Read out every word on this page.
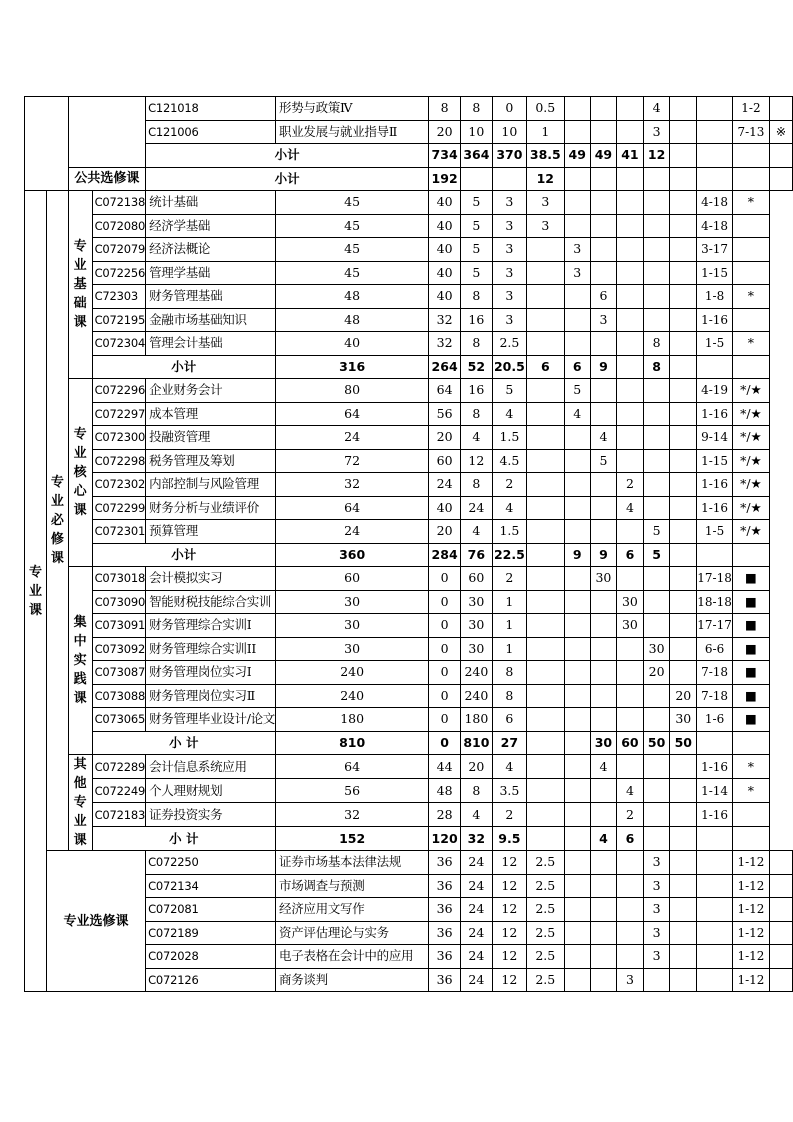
				C121018	形势与政策Ⅳ	8	8	0	0.5				4			1-2	
				C121006	职业发展与就业指导Ⅱ	20	10	10	1				3			7-13	※
				小计		734	364	370	38.5	49	49	41	12				
		公共选修课		小计		192			12								
专业课	专业必修课	专业基础课	C072138	统计基础	45	40	5	3	3						4-18	*	
			C072080	经济学基础	45	40	5	3	3						4-18		
			C072079	经济法概论	45	40	5	3		3					3-17		
			C072256	管理学基础	45	40	5	3		3					1-15		
			C72303	财务管理基础	48	40	8	3			6				1-8	*	
			C072195	金融市场基础知识	48	32	16	3			3				1-16		
			C072304	管理会计基础	40	32	8	2.5					8		1-5	*	
			小计		316	264	52	20.5	6	6	9		8				
		专业核心课	C072296	企业财务会计	80	64	16	5		5					4-19	*/★	
			C072297	成本管理	64	56	8	4		4					1-16	*/★	
			C072300	投融资管理	24	20	4	1.5			4				9-14	*/★	
			C072298	税务管理及筹划	72	60	12	4.5			5				1-15	*/★	
			C072302	内部控制与风险管理	32	24	8	2				2			1-16	*/★	
			C072299	财务分析与业绩评价	64	40	24	4				4			1-16	*/★	
			C072301	预算管理	24	20	4	1.5					5		1-5	*/★	
			小计		360	284	76	22.5		9	9	6	5				
		集中实践课	C073018	会计模拟实习	60	0	60	2			30				17-18	■	
			C073090	智能财税技能综合实训	30	0	30	1				30			18-18	■	
			C073091	财务管理综合实训Ⅰ	30	0	30	1				30			17-17	■	
			C073092	财务管理综合实训II	30	0	30	1					30		6-6	■	
			C073087	财务管理岗位实习Ⅰ	240	0	240	8					20		7-18	■	
			C073088	财务管理岗位实习Ⅱ	240	0	240	8						20	7-18	■	
			C073065	财务管理毕业设计/论文	180	0	180	6						30	1-6	■	
			小 计		810	0	810	27			30	60	50	50			
		其他专业课	C072289	会计信息系统应用	64	44	20	4			4				1-16	*	
			C072249	个人理财规划	56	48	8	3.5				4			1-14	*	
			C072183	证券投资实务	32	28	4	2				2			1-16		
			小 计		152	120	32	9.5			4	6					
	专业选修课			C072250	证券市场基本法律法规	36	24	12	2.5				3			1-12	
				C072134	市场调查与预测	36	24	12	2.5				3			1-12	
				C072081	经济应用文写作	36	24	12	2.5				3			1-12	
				C072189	资产评估理论与实务	36	24	12	2.5				3			1-12	
				C072028	电子表格在会计中的应用	36	24	12	2.5				3			1-12	
				C072126	商务谈判	36	24	12	2.5			3				1-12	
